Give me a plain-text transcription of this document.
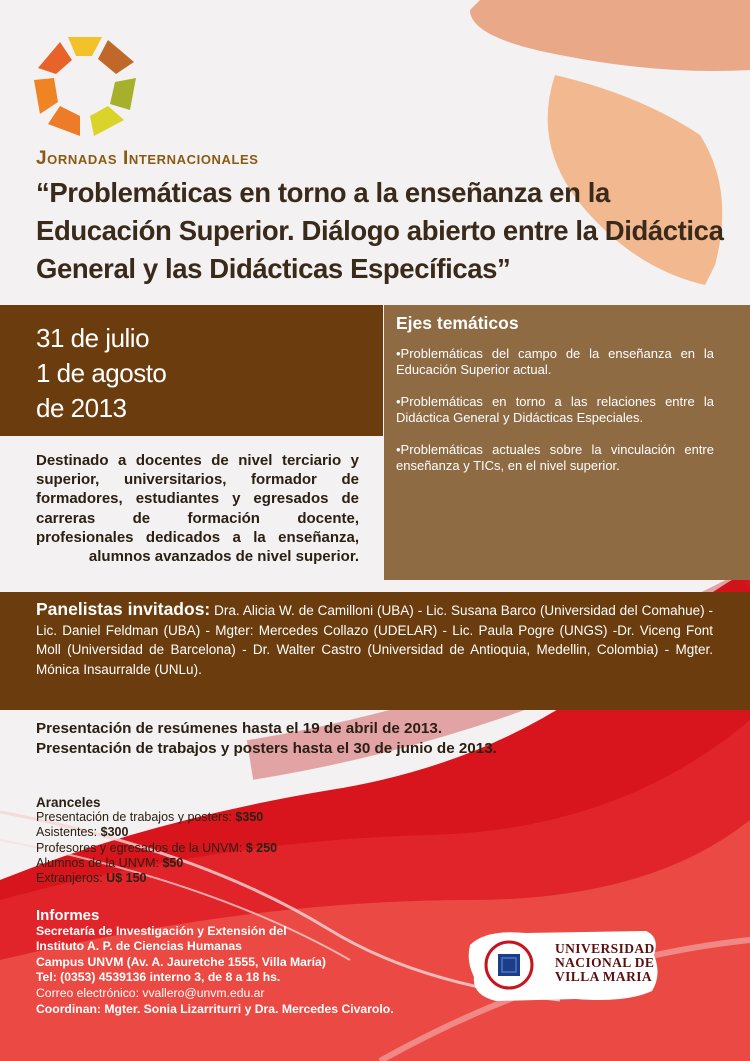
Jornadas Internacionales
“Problemáticas en torno a la enseñanza en la Educación Superior. Diálogo abierto entre la Didáctica General y las Didácticas Específicas”
31 de julio
1 de agosto
de 2013
Ejes temáticos
•Problemáticas del campo de la enseñanza en la Educación Superior actual.
•Problemáticas en torno a las relaciones entre la Didáctica General y Didácticas Especiales.
•Problemáticas actuales sobre la vinculación entre enseñanza y TICs, en el nivel superior.
Destinado a docentes de nivel terciario y superior, universitarios, formador de formadores, estudiantes y egresados de carreras de formación docente, profesionales dedicados a la enseñanza, alumnos avanzados de nivel superior.
Panelistas invitados: Dra. Alicia W. de Camilloni (UBA) - Lic. Susana Barco (Universidad del Comahue) - Lic. Daniel Feldman (UBA) - Mgter: Mercedes Collazo (UDELAR) - Lic. Paula Pogre (UNGS) -Dr. Viceng Font Moll (Universidad de Barcelona) - Dr. Walter Castro (Universidad de Antioquia, Medellin, Colombia) - Mgter. Mónica Insaurralde (UNLu).
Presentación de resúmenes hasta el 19 de abril de 2013.
Presentación de trabajos y posters hasta el 30 de junio de 2013.
Aranceles
Presentación de trabajos y posters: $350
Asistentes: $300
Profesores y egresados de la UNVM: $ 250
Alumnos de la UNVM: $50
Extranjeros: U$ 150
Informes
Secretaría de Investigación y Extensión del
Instituto A. P. de Ciencias Humanas
Campus UNVM (Av. A. Jauretche 1555, Villa María)
Tel: (0353) 4539136 interno 3, de 8 a 18 hs.
Correo electrónico: vvallero@unvm.edu.ar
Coordinan: Mgter. Sonia Lizarriturri y Dra. Mercedes Civarolo.
UNIVERSIDAD
NACIONAL DE
VILLA MARIA
